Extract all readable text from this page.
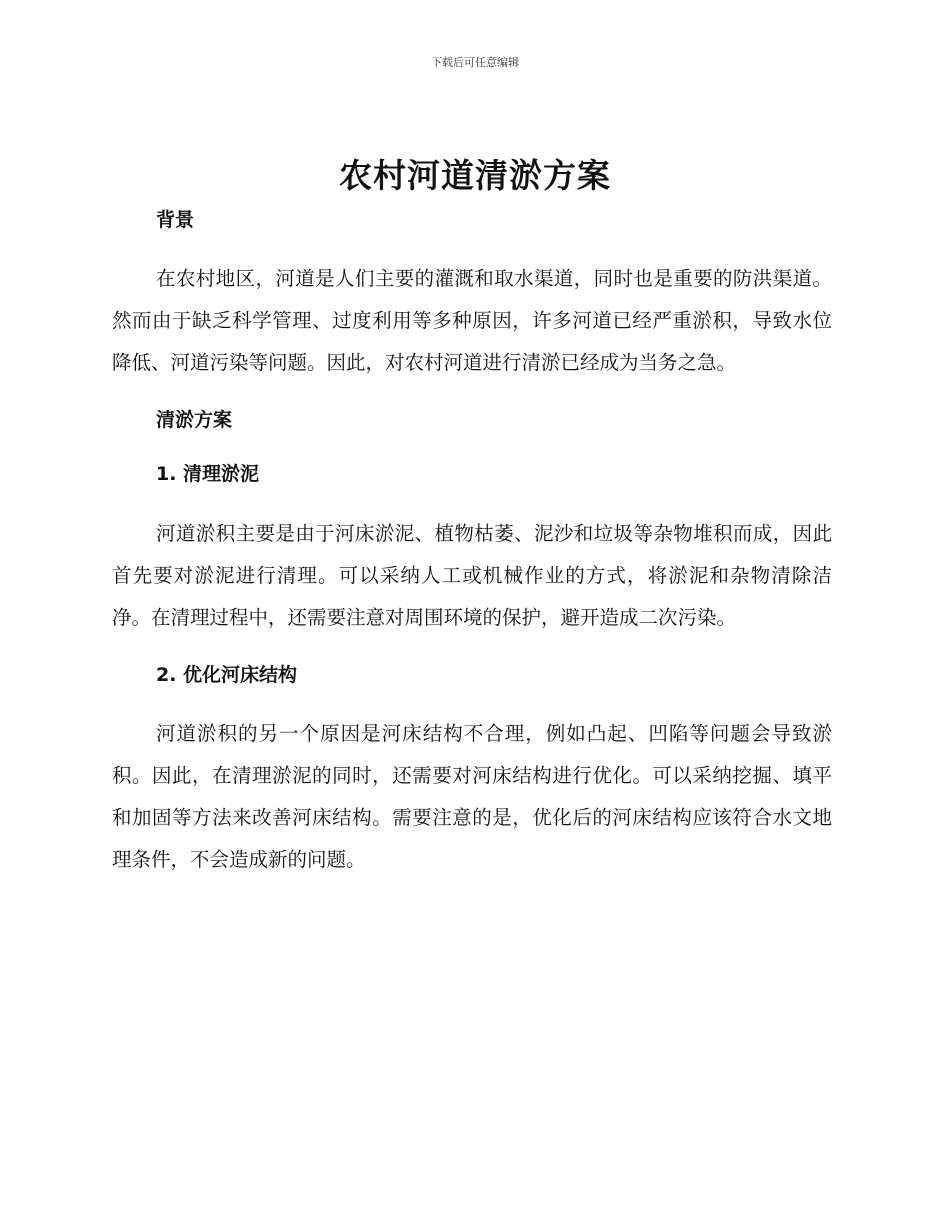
下载后可任意编辑
农村河道清淤方案
背景

在农村地区，河道是人们主要的灌溉和取水渠道，同时也是重要的防洪渠道。然而由于缺乏科学管理、过度利用等多种原因，许多河道已经严重淤积，导致水位降低、河道污染等问题。因此，对农村河道进行清淤已经成为当务之急。

清淤方案
1. 清理淤泥

河道淤积主要是由于河床淤泥、植物枯萎、泥沙和垃圾等杂物堆积而成，因此首先要对淤泥进行清理。可以采纳人工或机械作业的方式，将淤泥和杂物清除洁净。在清理过程中，还需要注意对周围环境的保护，避开造成二次污染。

2. 优化河床结构

河道淤积的另一个原因是河床结构不合理，例如凸起、凹陷等问题会导致淤积。因此，在清理淤泥的同时，还需要对河床结构进行优化。可以采纳挖掘、填平和加固等方法来改善河床结构。需要注意的是，优化后的河床结构应该符合水文地理条件，不会造成新的问题。
